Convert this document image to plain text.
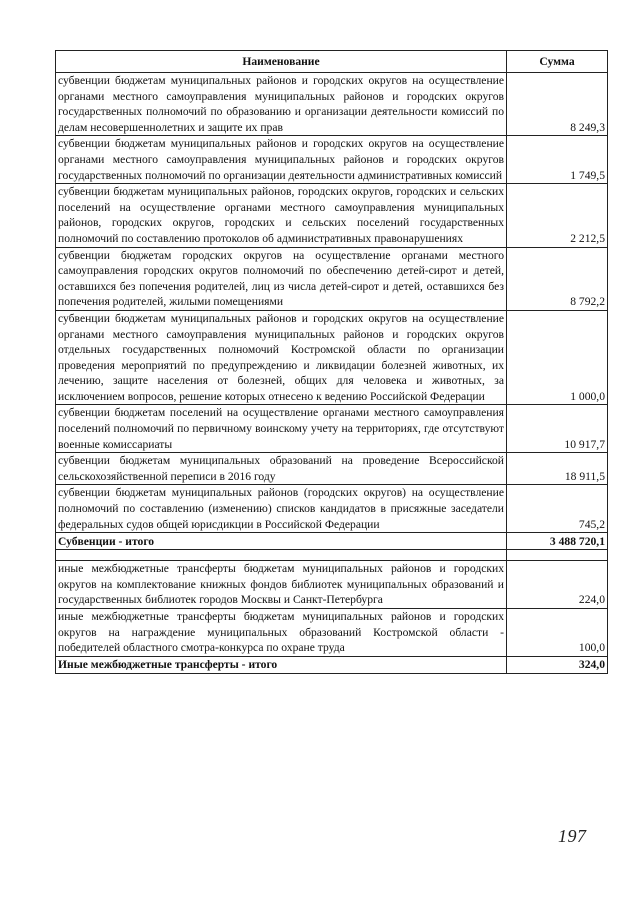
Наименование	Сумма
субвенции бюджетам муниципальных районов и городских округов на осуществление органами местного самоуправления муниципальных районов и городских округов государственных полномочий по образованию и организации деятельности комиссий по делам несовершеннолетних и защите их прав	8 249,3
субвенции бюджетам муниципальных районов и городских округов на осуществление органами местного самоуправления муниципальных районов и городских округов государственных полномочий по организации деятельности административных комиссий	1 749,5
субвенции бюджетам муниципальных районов, городских округов, городских и сельских поселений на осуществление органами местного самоуправления муниципальных районов, городских округов, городских и сельских поселений государственных полномочий по составлению протоколов об административных правонарушениях	2 212,5
субвенции бюджетам городских округов на осуществление органами местного самоуправления городских округов полномочий по обеспечению детей-сирот и детей, оставшихся без попечения родителей, лиц из числа детей-сирот и детей, оставшихся без попечения родителей, жилыми помещениями	8 792,2
субвенции бюджетам муниципальных районов и городских округов на осуществление органами местного самоуправления муниципальных районов и городских округов отдельных государственных полномочий Костромской области по организации проведения мероприятий по предупреждению и ликвидации болезней животных, их лечению, защите населения от болезней, общих для человека и животных, за исключением вопросов, решение которых отнесено к ведению Российской Федерации	1 000,0
субвенции бюджетам поселений на осуществление органами местного самоуправления поселений полномочий по первичному воинскому учету на территориях, где отсутствуют военные комиссариаты	10 917,7
субвенции бюджетам муниципальных образований на проведение Всероссийской сельскохозяйственной переписи в 2016 году	18 911,5
субвенции бюджетам муниципальных районов (городских округов) на осуществление полномочий по составлению (изменению) списков кандидатов в присяжные заседатели федеральных судов общей юрисдикции в Российской Федерации	745,2
Субвенции - итого	3 488 720,1

иные межбюджетные трансферты бюджетам муниципальных районов и городских округов на комплектование книжных фондов библиотек муниципальных образований и государственных библиотек городов Москвы и Санкт-Петербурга	224,0
иные межбюджетные трансферты бюджетам муниципальных районов и городских округов на награждение муниципальных образований Костромской области - победителей областного смотра-конкурса по охране труда	100,0
Иные межбюджетные трансферты - итого	324,0
197
